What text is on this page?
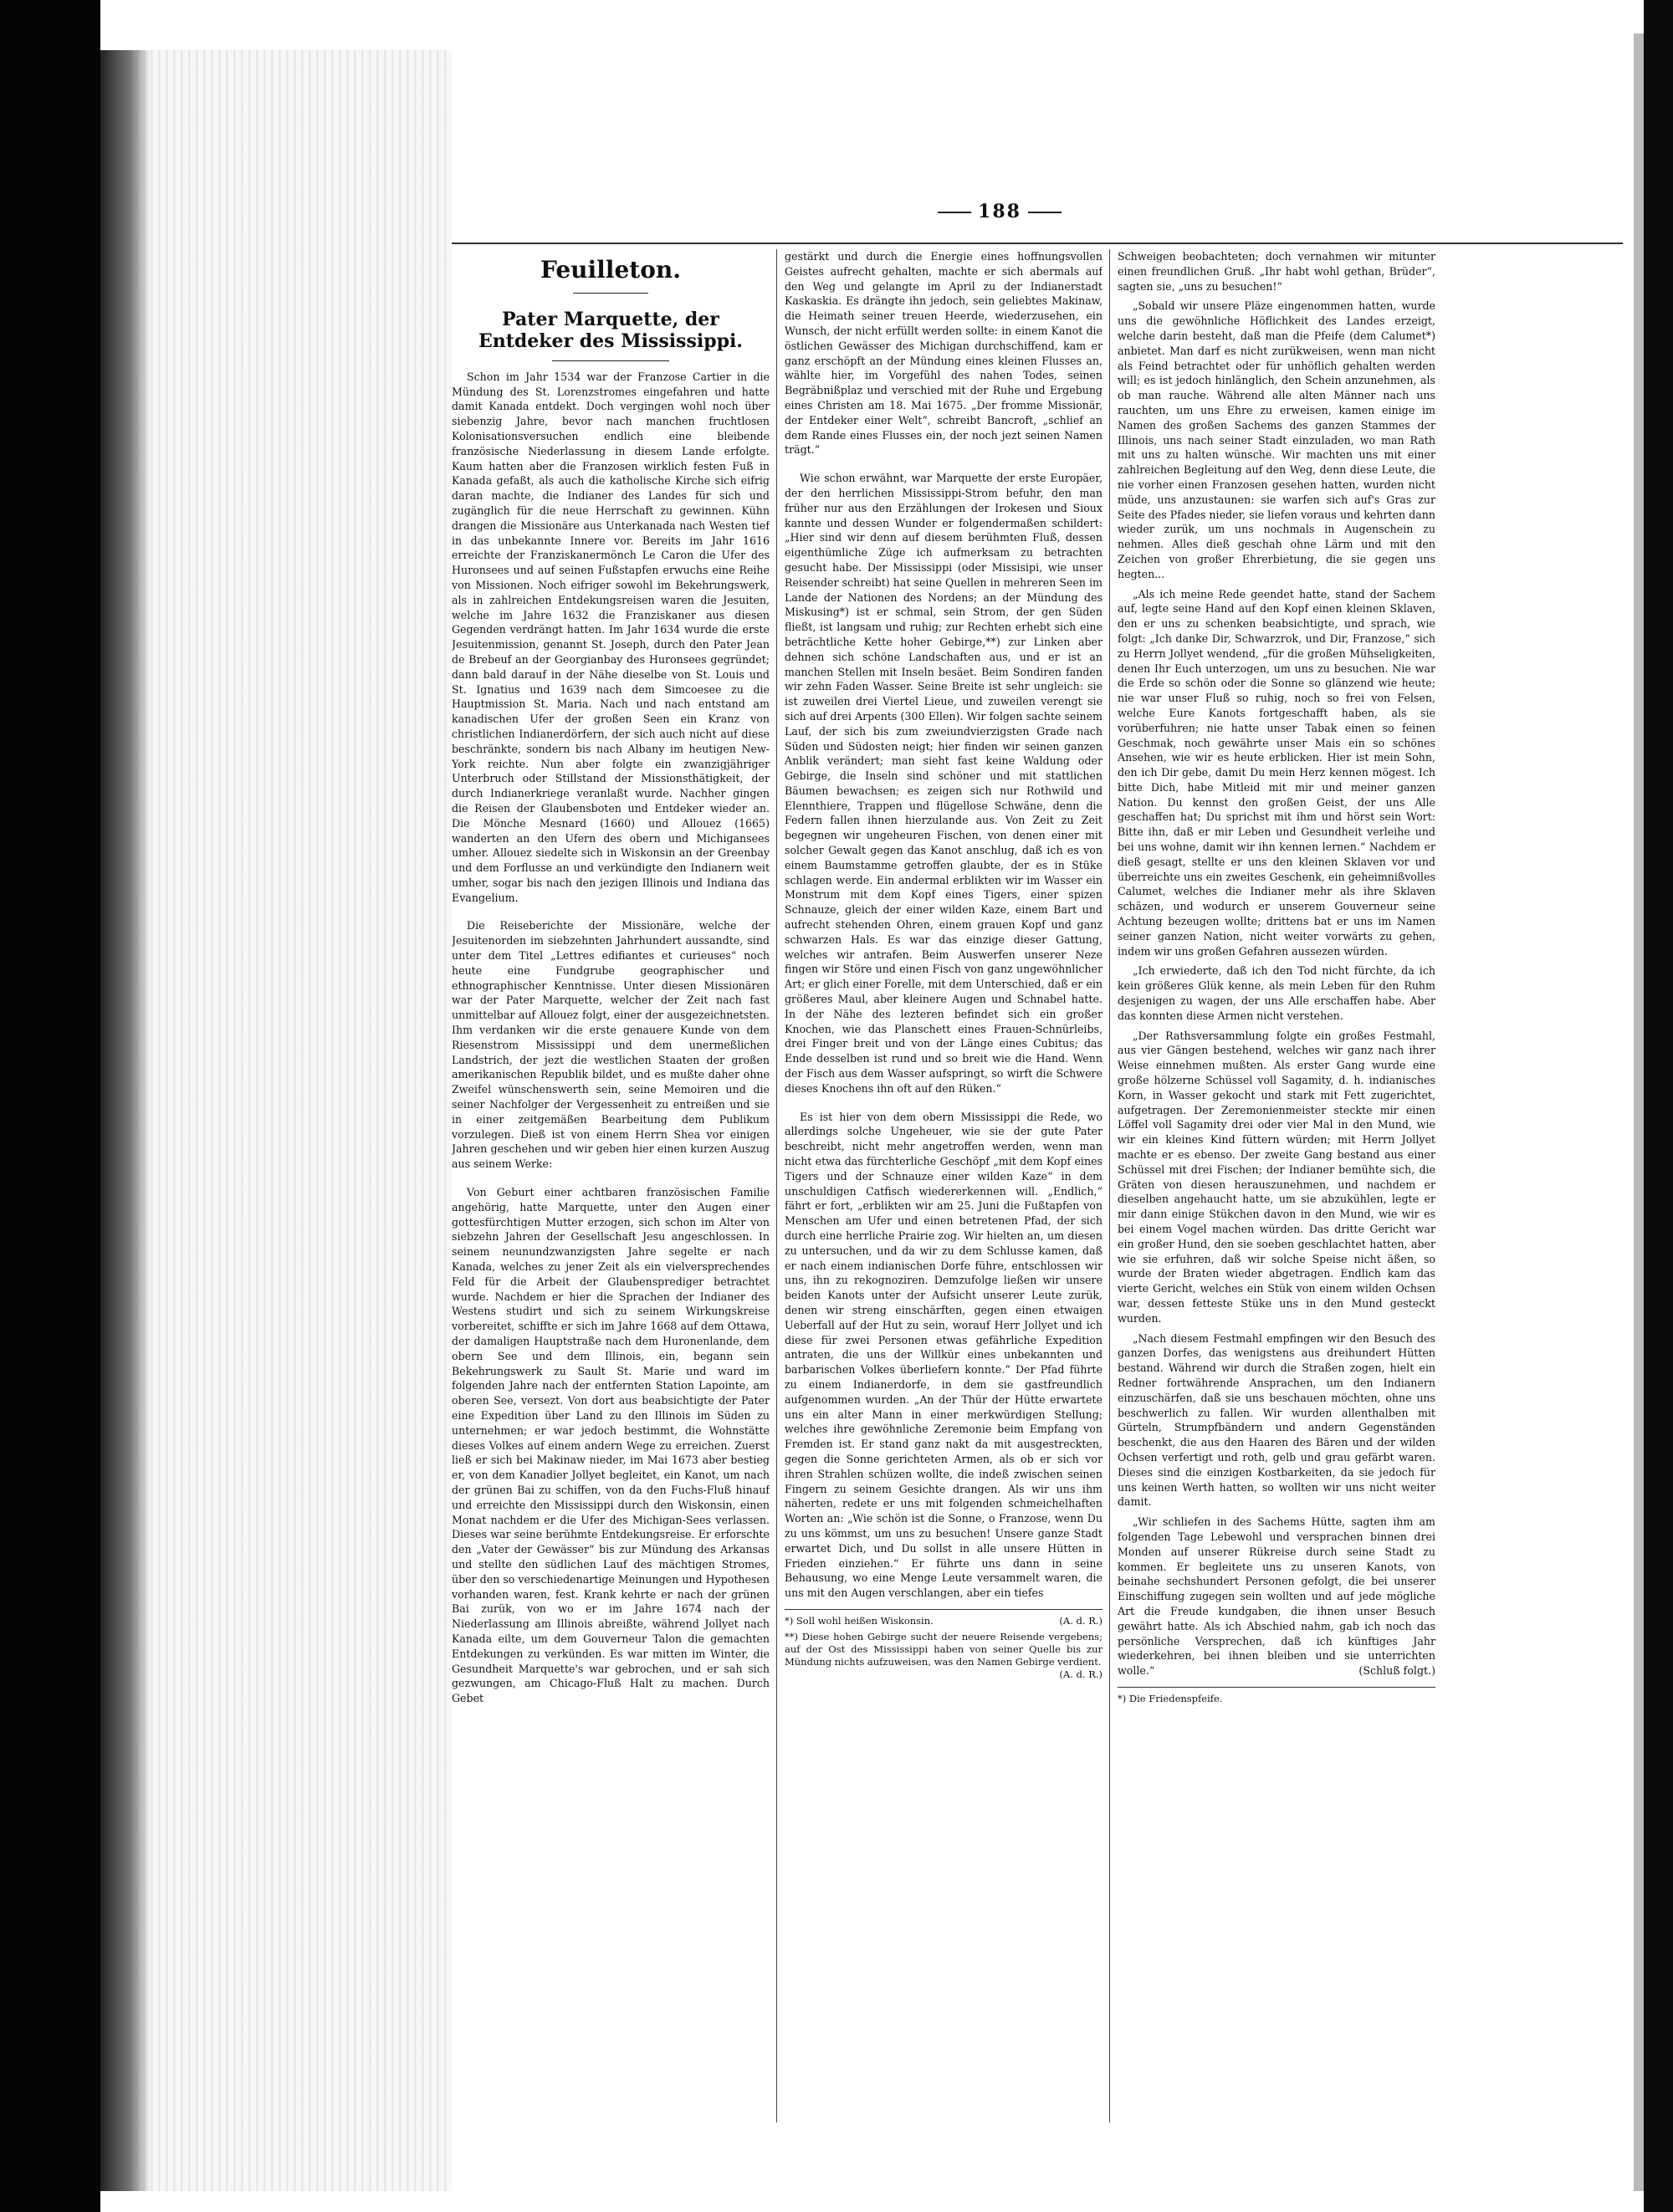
188
Feuilleton.
Pater Marquette, der Entdeker des Mississippi.

Schon im Jahr 1534 war der Franzose Cartier in die Mündung des St. Lorenzstromes eingefahren und hatte damit Kanada entdekt. Doch vergingen wohl noch über siebenzig Jahre, bevor nach manchen fruchtlosen Kolonisationsversuchen endlich eine bleibende französische Niederlassung in diesem Lande erfolgte. Kaum hatten aber die Franzosen wirklich festen Fuß in Kanada gefaßt, als auch die katholische Kirche sich eifrig daran machte, die Indianer des Landes für sich und zugänglich für die neue Herrschaft zu gewinnen. Kühn drangen die Missionäre aus Unterkanada nach Westen tief in das unbekannte Innere vor. Bereits im Jahr 1616 erreichte der Franziskanermönch Le Caron die Ufer des Huronsees und auf seinen Fußstapfen erwuchs eine Reihe von Missionen. Noch eifriger sowohl im Bekehrungswerk, als in zahlreichen Entdekungsreisen waren die Jesuiten, welche im Jahre 1632 die Franziskaner aus diesen Gegenden verdrängt hatten. Im Jahr 1634 wurde die erste Jesuitenmission, genannt St. Joseph, durch den Pater Jean de Brebeuf an der Georgianbay des Huronsees gegründet; dann bald darauf in der Nähe dieselbe von St. Louis und St. Ignatius und 1639 nach dem Simcoesee zu die Hauptmission St. Maria. Nach und nach entstand am kanadischen Ufer der großen Seen ein Kranz von christlichen Indianerdörfern, der sich auch nicht auf diese beschränkte, sondern bis nach Albany im heutigen New-York reichte. Nun aber folgte ein zwanzigjähriger Unterbruch oder Stillstand der Missionsthätigkeit, der durch Indianerkriege veranlaßt wurde. Nachher gingen die Reisen der Glaubensboten und Entdeker wieder an. Die Mönche Mesnard (1660) und Allouez (1665) wanderten an den Ufern des obern und Michigansees umher. Allouez siedelte sich in Wiskonsin an der Greenbay und dem Forflusse an und verkündigte den Indianern weit umher, sogar bis nach den jezigen Illinois und Indiana das Evangelium.

Die Reiseberichte der Missionäre, welche der Jesuitenorden im siebzehnten Jahrhundert aussandte, sind unter dem Titel „Lettres edifiantes et curieuses“ noch heute eine Fundgrube geographischer und ethnographischer Kenntnisse. Unter diesen Missionären war der Pater Marquette, welcher der Zeit nach fast unmittelbar auf Allouez folgt, einer der ausgezeichnetsten. Ihm verdanken wir die erste genauere Kunde von dem Riesenstrom Mississippi und dem unermeßlichen Landstrich, der jezt die westlichen Staaten der großen amerikanischen Republik bildet, und es mußte daher ohne Zweifel wünschenswerth sein, seine Memoiren und die seiner Nachfolger der Vergessenheit zu entreißen und sie in einer zeitgemäßen Bearbeitung dem Publikum vorzulegen. Dieß ist von einem Herrn Shea vor einigen Jahren geschehen und wir geben hier einen kurzen Auszug aus seinem Werke:

Von Geburt einer achtbaren französischen Familie angehörig, hatte Marquette, unter den Augen einer gottesfürchtigen Mutter erzogen, sich schon im Alter von siebzehn Jahren der Gesellschaft Jesu angeschlossen. In seinem neunundzwanzigsten Jahre segelte er nach Kanada, welches zu jener Zeit als ein vielversprechendes Feld für die Arbeit der Glaubensprediger betrachtet wurde. Nachdem er hier die Sprachen der Indianer des Westens studirt und sich zu seinem Wirkungskreise vorbereitet, schiffte er sich im Jahre 1668 auf dem Ottawa, der damaligen Hauptstraße nach dem Huronenlande, dem obern See und dem Illinois, ein, begann sein Bekehrungswerk zu Sault St. Marie und ward im folgenden Jahre nach der entfernten Station Lapointe, am oberen See, versezt. Von dort aus beabsichtigte der Pater eine Expedition über Land zu den Illinois im Süden zu unternehmen; er war jedoch bestimmt, die Wohnstätte dieses Volkes auf einem andern Wege zu erreichen. Zuerst ließ er sich bei Makinaw nieder, im Mai 1673 aber bestieg er, von dem Kanadier Jollyet begleitet, ein Kanot, um nach der grünen Bai zu schiffen, von da den Fuchs-Fluß hinauf und erreichte den Mississippi durch den Wiskonsin, einen Monat nachdem er die Ufer des Michigan-Sees verlassen. Dieses war seine berühmte Entdekungsreise. Er erforschte den „Vater der Gewässer“ bis zur Mündung des Arkansas und stellte den südlichen Lauf des mächtigen Stromes, über den so verschiedenartige Meinungen und Hypothesen vorhanden waren, fest. Krank kehrte er nach der grünen Bai zurük, von wo er im Jahre 1674 nach der Niederlassung am Illinois abreißte, während Jollyet nach Kanada eilte, um dem Gouverneur Talon die gemachten Entdekungen zu verkünden. Es war mitten im Winter, die Gesundheit Marquette's war gebrochen, und er sah sich gezwungen, am Chicago-Fluß Halt zu machen. Durch Gebet

gestärkt und durch die Energie eines hoffnungsvollen Geistes aufrecht gehalten, machte er sich abermals auf den Weg und gelangte im April zu der Indianerstadt Kaskaskia. Es drängte ihn jedoch, sein geliebtes Makinaw, die Heimath seiner treuen Heerde, wiederzusehen, ein Wunsch, der nicht erfüllt werden sollte: in einem Kanot die östlichen Gewässer des Michigan durchschiffend, kam er ganz erschöpft an der Mündung eines kleinen Flusses an, wählte hier, im Vorgefühl des nahen Todes, seinen Begräbnißplaz und verschied mit der Ruhe und Ergebung eines Christen am 18. Mai 1675. „Der fromme Missionär, der Entdeker einer Welt“, schreibt Bancroft, „schlief an dem Rande eines Flusses ein, der noch jezt seinen Namen trägt.“

Wie schon erwähnt, war Marquette der erste Europäer, der den herrlichen Mississippi-Strom befuhr, den man früher nur aus den Erzählungen der Irokesen und Sioux kannte und dessen Wunder er folgendermaßen schildert: „Hier sind wir denn auf diesem berühmten Fluß, dessen eigenthümliche Züge ich aufmerksam zu betrachten gesucht habe. Der Mississippi (oder Missisipi, wie unser Reisender schreibt) hat seine Quellen in mehreren Seen im Lande der Nationen des Nordens; an der Mündung des Miskusing*) ist er schmal, sein Strom, der gen Süden fließt, ist langsam und ruhig; zur Rechten erhebt sich eine beträchtliche Kette hoher Gebirge,**) zur Linken aber dehnen sich schöne Landschaften aus, und er ist an manchen Stellen mit Inseln besäet. Beim Sondiren fanden wir zehn Faden Wasser. Seine Breite ist sehr ungleich: sie ist zuweilen drei Viertel Lieue, und zuweilen verengt sie sich auf drei Arpents (300 Ellen). Wir folgen sachte seinem Lauf, der sich bis zum zweiundvierzigsten Grade nach Süden und Südosten neigt; hier finden wir seinen ganzen Anblik verändert; man sieht fast keine Waldung oder Gebirge, die Inseln sind schöner und mit stattlichen Bäumen bewachsen; es zeigen sich nur Rothwild und Elennthiere, Trappen und flügellose Schwäne, denn die Federn fallen ihnen hierzulande aus. Von Zeit zu Zeit begegnen wir ungeheuren Fischen, von denen einer mit solcher Gewalt gegen das Kanot anschlug, daß ich es von einem Baumstamme getroffen glaubte, der es in Stüke schlagen werde. Ein andermal erblikten wir im Wasser ein Monstrum mit dem Kopf eines Tigers, einer spizen Schnauze, gleich der einer wilden Kaze, einem Bart und aufrecht stehenden Ohren, einem grauen Kopf und ganz schwarzen Hals. Es war das einzige dieser Gattung, welches wir antrafen. Beim Auswerfen unserer Neze fingen wir Störe und einen Fisch von ganz ungewöhnlicher Art; er glich einer Forelle, mit dem Unterschied, daß er ein größeres Maul, aber kleinere Augen und Schnabel hatte. In der Nähe des lezteren befindet sich ein großer Knochen, wie das Planschett eines Frauen-Schnürleibs, drei Finger breit und von der Länge eines Cubitus; das Ende desselben ist rund und so breit wie die Hand. Wenn der Fisch aus dem Wasser aufspringt, so wirft die Schwere dieses Knochens ihn oft auf den Rüken.“

Es ist hier von dem obern Mississippi die Rede, wo allerdings solche Ungeheuer, wie sie der gute Pater beschreibt, nicht mehr angetroffen werden, wenn man nicht etwa das fürchterliche Geschöpf „mit dem Kopf eines Tigers und der Schnauze einer wilden Kaze“ in dem unschuldigen Catfisch wiedererkennen will. „Endlich,“ fährt er fort, „erblikten wir am 25. Juni die Fußtapfen von Menschen am Ufer und einen betretenen Pfad, der sich durch eine herrliche Prairie zog. Wir hielten an, um diesen zu untersuchen, und da wir zu dem Schlusse kamen, daß er nach einem indianischen Dorfe führe, entschlossen wir uns, ihn zu rekognoziren. Demzufolge ließen wir unsere beiden Kanots unter der Aufsicht unserer Leute zurük, denen wir streng einschärften, gegen einen etwaigen Ueberfall auf der Hut zu sein, worauf Herr Jollyet und ich diese für zwei Personen etwas gefährliche Expedition antraten, die uns der Willkür eines unbekannten und barbarischen Volkes überliefern konnte.“ Der Pfad führte zu einem Indianerdorfe, in dem sie gastfreundlich aufgenommen wurden. „An der Thür der Hütte erwartete uns ein alter Mann in einer merkwürdigen Stellung; welches ihre gewöhnliche Zeremonie beim Empfang von Fremden ist. Er stand ganz nakt da mit ausgestreckten, gegen die Sonne gerichteten Armen, als ob er sich vor ihren Strahlen schüzen wollte, die indeß zwischen seinen Fingern zu seinem Gesichte drangen. Als wir uns ihm näherten, redete er uns mit folgenden schmeichelhaften Worten an: „Wie schön ist die Sonne, o Franzose, wenn Du zu uns kömmst, um uns zu besuchen! Unsere ganze Stadt erwartet Dich, und Du sollst in alle unsere Hütten in Frieden einziehen.“ Er führte uns dann in seine Behausung, wo eine Menge Leute versammelt waren, die uns mit den Augen verschlangen, aber ein tiefes

*) Soll wohl heißen Wiskonsin.	(A. d. R.)
**) Diese hohen Gebirge sucht der neuere Reisende vergebens; auf der Ost des Mississippi haben von seiner Quelle bis zur Mündung nichts aufzuweisen, was den Namen Gebirge verdient.
(A. d. R.)

Schweigen beobachteten; doch vernahmen wir mitunter einen freundlichen Gruß. „Ihr habt wohl gethan, Brüder“, sagten sie, „uns zu besuchen!“

„Sobald wir unsere Pläze eingenommen hatten, wurde uns die gewöhnliche Höflichkeit des Landes erzeigt, welche darin besteht, daß man die Pfeife (dem Calumet*) anbietet. Man darf es nicht zurükweisen, wenn man nicht als Feind betrachtet oder für unhöflich gehalten werden will; es ist jedoch hinlänglich, den Schein anzunehmen, als ob man rauche. Während alle alten Männer nach uns rauchten, um uns Ehre zu erweisen, kamen einige im Namen des großen Sachems des ganzen Stammes der Illinois, uns nach seiner Stadt einzuladen, wo man Rath mit uns zu halten wünsche. Wir machten uns mit einer zahlreichen Begleitung auf den Weg, denn diese Leute, die nie vorher einen Franzosen gesehen hatten, wurden nicht müde, uns anzustaunen: sie warfen sich auf's Gras zur Seite des Pfades nieder, sie liefen voraus und kehrten dann wieder zurük, um uns nochmals in Augenschein zu nehmen. Alles dieß geschah ohne Lärm und mit den Zeichen von großer Ehrerbietung, die sie gegen uns hegten...

„Als ich meine Rede geendet hatte, stand der Sachem auf, legte seine Hand auf den Kopf einen kleinen Sklaven, den er uns zu schenken beabsichtigte, und sprach, wie folgt: „Ich danke Dir, Schwarzrok, und Dir, Franzose,“ sich zu Herrn Jollyet wendend, „für die großen Mühseligkeiten, denen Ihr Euch unterzogen, um uns zu besuchen. Nie war die Erde so schön oder die Sonne so glänzend wie heute; nie war unser Fluß so ruhig, noch so frei von Felsen, welche Eure Kanots fortgeschafft haben, als sie vorüberfuhren; nie hatte unser Tabak einen so feinen Geschmak, noch gewährte unser Mais ein so schönes Ansehen, wie wir es heute erblicken. Hier ist mein Sohn, den ich Dir gebe, damit Du mein Herz kennen mögest. Ich bitte Dich, habe Mitleid mit mir und meiner ganzen Nation. Du kennst den großen Geist, der uns Alle geschaffen hat; Du sprichst mit ihm und hörst sein Wort: Bitte ihn, daß er mir Leben und Gesundheit verleihe und bei uns wohne, damit wir ihn kennen lernen.“ Nachdem er dieß gesagt, stellte er uns den kleinen Sklaven vor und überreichte uns ein zweites Geschenk, ein geheimnißvolles Calumet, welches die Indianer mehr als ihre Sklaven schäzen, und wodurch er unserem Gouverneur seine Achtung bezeugen wollte; drittens bat er uns im Namen seiner ganzen Nation, nicht weiter vorwärts zu gehen, indem wir uns großen Gefahren aussezen würden.

„Ich erwiederte, daß ich den Tod nicht fürchte, da ich kein größeres Glük kenne, als mein Leben für den Ruhm desjenigen zu wagen, der uns Alle erschaffen habe. Aber das konnten diese Armen nicht verstehen.

„Der Rathsversammlung folgte ein großes Festmahl, aus vier Gängen bestehend, welches wir ganz nach ihrer Weise einnehmen mußten. Als erster Gang wurde eine große hölzerne Schüssel voll Sagamity, d. h. indianisches Korn, in Wasser gekocht und stark mit Fett zugerichtet, aufgetragen. Der Zeremonienmeister steckte mir einen Löffel voll Sagamity drei oder vier Mal in den Mund, wie wir ein kleines Kind füttern würden; mit Herrn Jollyet machte er es ebenso. Der zweite Gang bestand aus einer Schüssel mit drei Fischen; der Indianer bemühte sich, die Gräten von diesen herauszunehmen, und nachdem er dieselben angehaucht hatte, um sie abzukühlen, legte er mir dann einige Stükchen davon in den Mund, wie wir es bei einem Vogel machen würden. Das dritte Gericht war ein großer Hund, den sie soeben geschlachtet hatten, aber wie sie erfuhren, daß wir solche Speise nicht äßen, so wurde der Braten wieder abgetragen. Endlich kam das vierte Gericht, welches ein Stük von einem wilden Ochsen war, dessen fetteste Stüke uns in den Mund gesteckt wurden.

„Nach diesem Festmahl empfingen wir den Besuch des ganzen Dorfes, das wenigstens aus dreihundert Hütten bestand. Während wir durch die Straßen zogen, hielt ein Redner fortwährende Ansprachen, um den Indianern einzuschärfen, daß sie uns beschauen möchten, ohne uns beschwerlich zu fallen. Wir wurden allenthalben mit Gürteln, Strumpfbändern und andern Gegenständen beschenkt, die aus den Haaren des Bären und der wilden Ochsen verfertigt und roth, gelb und grau gefärbt waren. Dieses sind die einzigen Kostbarkeiten, da sie jedoch für uns keinen Werth hatten, so wollten wir uns nicht weiter damit.

„Wir schliefen in des Sachems Hütte, sagten ihm am folgenden Tage Lebewohl und versprachen binnen drei Monden auf unserer Rükreise durch seine Stadt zu kommen. Er begleitete uns zu unseren Kanots, von beinahe sechshundert Personen gefolgt, die bei unserer Einschiffung zugegen sein wollten und auf jede mögliche Art die Freude kundgaben, die ihnen unser Besuch gewährt hatte. Als ich Abschied nahm, gab ich noch das persönliche Versprechen, daß ich künftiges Jahr wiederkehren, bei ihnen bleiben und sie unterrichten wolle.“	(Schluß folgt.)

*) Die Friedenspfeife.
